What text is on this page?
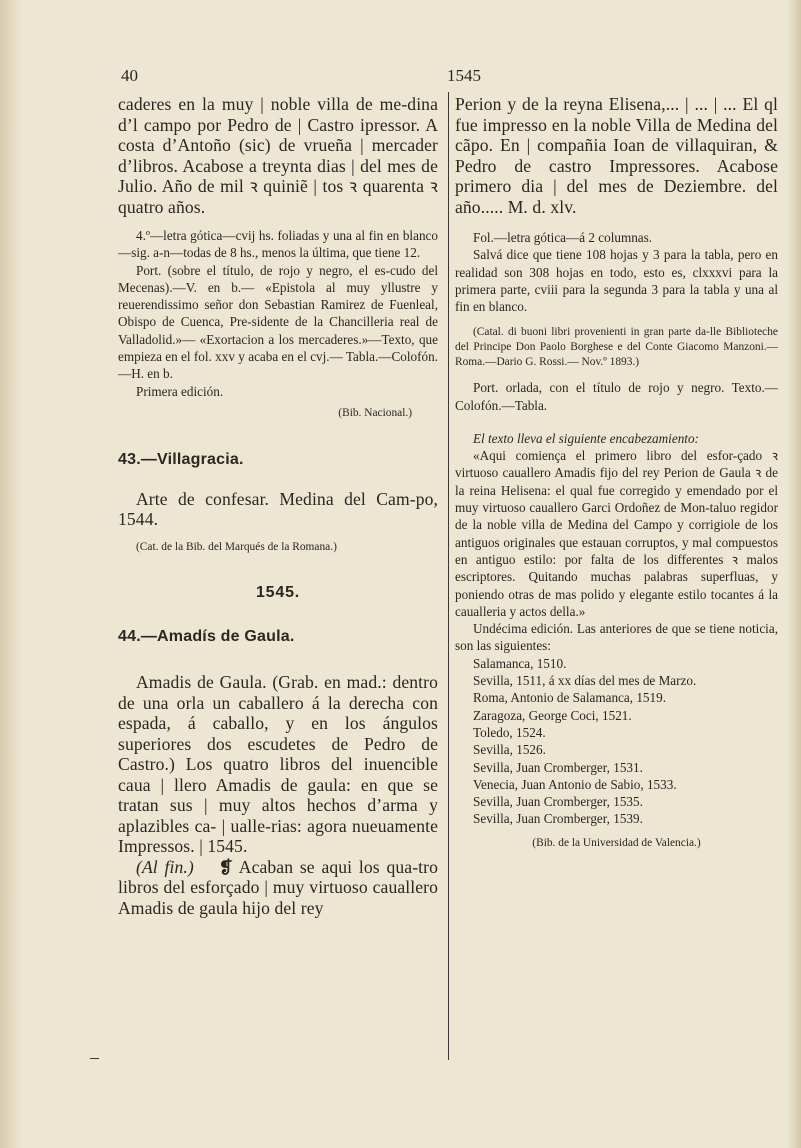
40	1545

caderes en la muy | noble villa de me-dina d’l campo por Pedro de | Castro ipressor. A costa d’Antoño (sic) de vrueña | mercader d’libros. Acabose a treynta dias | del mes de Julio. Año de mil ꝛ quiniẽ | tos ꝛ quarenta ꝛ quatro años.

4.º—letra gótica—cvij hs. foliadas y una al fin en blanco —sig. a-n—todas de 8 hs., menos la última, que tiene 12.

Port. (sobre el título, de rojo y negro, el es-cudo del Mecenas).—V. en b.— «Epistola al muy yllustre y reuerendissimo señor don Sebastian Ramirez de Fuenleal, Obispo de Cuenca, Pre-sidente de la Chancilleria real de Valladolid.»— «Exortacion a los mercaderes.»—Texto, que empieza en el fol. xxv y acaba en el cvj.— Tabla.—Colofón.—H. en b.

Primera edición.

(Bib. Nacional.)

43.—Villagracia.

Arte de confesar. Medina del Cam-po, 1544.

(Cat. de la Bib. del Marqués de la Romana.)

1545.

44.—Amadís de Gaula.

Amadis de Gaula. (Grab. en mad.: dentro de una orla un caballero á la derecha con espada, á caballo, y en los ángulos superiores dos escudetes de Pedro de Castro.) Los quatro libros del inuencible caua | llero Amadis de gaula: en que se tratan sus | muy altos hechos d’arma y aplazibles ca- | ualle-rias: agora nueuamente Impressos. | 1545.

(Al fin.) ❡ Acaban se aqui los qua-tro libros del esforçado | muy virtuoso cauallero Amadis de gaula hijo del rey

–

Perion y de la reyna Elisena,... | ... | ... El ql fue impresso en la noble Villa de Medina del cãpo. En | compañia Ioan de villaquiran, & Pedro de castro Impressores. Acabose primero dia | del mes de Deziembre. del año..... M. d. xlv.

Fol.—letra gótica—á 2 columnas.

Salvá dice que tiene 108 hojas y 3 para la tabla, pero en realidad son 308 hojas en todo, esto es, clxxxvi para la primera parte, cviii para la segunda 3 para la tabla y una al fin en blanco.

(Catal. di buoni libri provenienti in gran parte da-lle Biblioteche del Principe Don Paolo Borghese e del Conte Giacomo Manzoni.—Roma.—Dario G. Rossi.— Nov.º 1893.)

Port. orlada, con el título de rojo y negro. Texto.—Colofón.—Tabla.

El texto lleva el siguiente encabezamiento:

«Aqui comiença el primero libro del esfor-çado ꝛ virtuoso cauallero Amadis fijo del rey Perion de Gaula ꝛ de la reina Helisena: el qual fue corregido y emendado por el muy virtuoso cauallero Garci Ordoñez de Mon-taluo regidor de la noble villa de Medina del Campo y corrigiole de los antiguos originales que estauan corruptos, y mal compuestos en antiguo estilo: por falta de los differentes ꝛ malos escriptores. Quitando muchas palabras superfluas, y poniendo otras de mas polido y elegante estilo tocantes á la caualleria y actos della.»

Undécima edición. Las anteriores de que se tiene noticia, son las siguientes:

Salamanca, 1510.

Sevilla, 1511, á xx días del mes de Marzo.

Roma, Antonio de Salamanca, 1519.

Zaragoza, George Coci, 1521.

Toledo, 1524.

Sevilla, 1526.

Sevilla, Juan Cromberger, 1531.

Venecia, Juan Antonio de Sabio, 1533.

Sevilla, Juan Cromberger, 1535.

Sevilla, Juan Cromberger, 1539.

(Bib. de la Universidad de Valencia.)
